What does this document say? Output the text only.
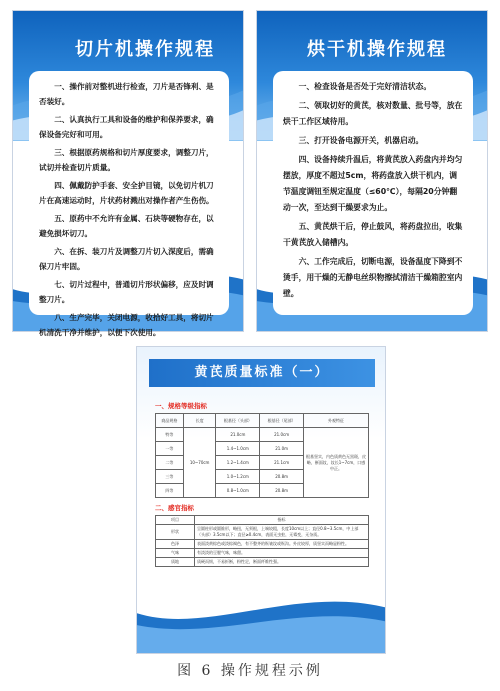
切片机操作规程

一、操作前对整机进行检查，刀片是否锋利、是否装好。

二、认真执行工具和设备的维护和保养要求，确保设备完好和可用。

三、根据原药规格和切片厚度要求，调整刀片，试切并检查切片质量。

四、佩戴防护手套、安全护目镜，以免切片机刀片在高速运动时，片状药材溅出对操作者产生伤伤。

五、原药中不允许有金属、石块等硬物存在，以避免损坏切刀。

六、在拆、装刀片及调整刀片切入深度后，需确保刀片牢固。

七、切片过程中，普通切片形状偏移，应及时调整刀片。

八、生产完毕，关闭电源，收拾好工具，将切片机清洗干净并维护，以便下次使用。

烘干机操作规程

一、检查设备是否处于完好清洁状态。

二、领取切好的黄芪，核对数量、批号等，放在烘干工作区域待用。

三、打开设备电源开关，机器启动。

四、设备持续升温后，将黄芪放入药盘内并均匀摆放，厚度不超过5cm，将药盘放入烘干机内，调节温度调钮至规定温度（≤60℃），每隔20分钟翻动一次，至达到干燥要求为止。

五、黄芪烘干后，停止鼓风，将药盘拉出，收集干黄芪放入储槽内。

六、工作完成后，切断电源，设备温度下降到不烫手，用干燥的无静电丝织物擦拭清洁干燥箱腔室内壁。

黄芪质量标准（一）
一、规格等级指标
商品规格	长度	根基径（头部）	根基径（尾部）	外观特征
特等	10~70cm	21.0cm	21.0cm	根基坚实，内色质黄色无黑斑，皮略，断面纹，纹长1~7cm，口感中正。
一等		1.4~1.0cm	21.0m	
二等		1.2~1.4cm	21.1cm	
三等		1.0~1.2cm	20.8m	
四等		0.8~1.0cm	20.8m	
二、感官指标
项目	指标
形状	呈圆柱形或圆锥形，略扭，无须根，上端较粗，长度10cm以上；直径0.8~3.5cm，中上部（头部）3.5cm以下；直径≥0.4cm，表面无虫蛀，无霉变，无杂质。
色泽	表面淡黄棕色或淡棕褐色，有不整齐的纵皱纹或纵沟。外皮较厚，质坚实而略显粉性。
气味	有淡淡的豆腥气味，味甜。
质地	质硬而韧，不易折断，粉性足，断面纤维性强。
图 6 操作规程示例
